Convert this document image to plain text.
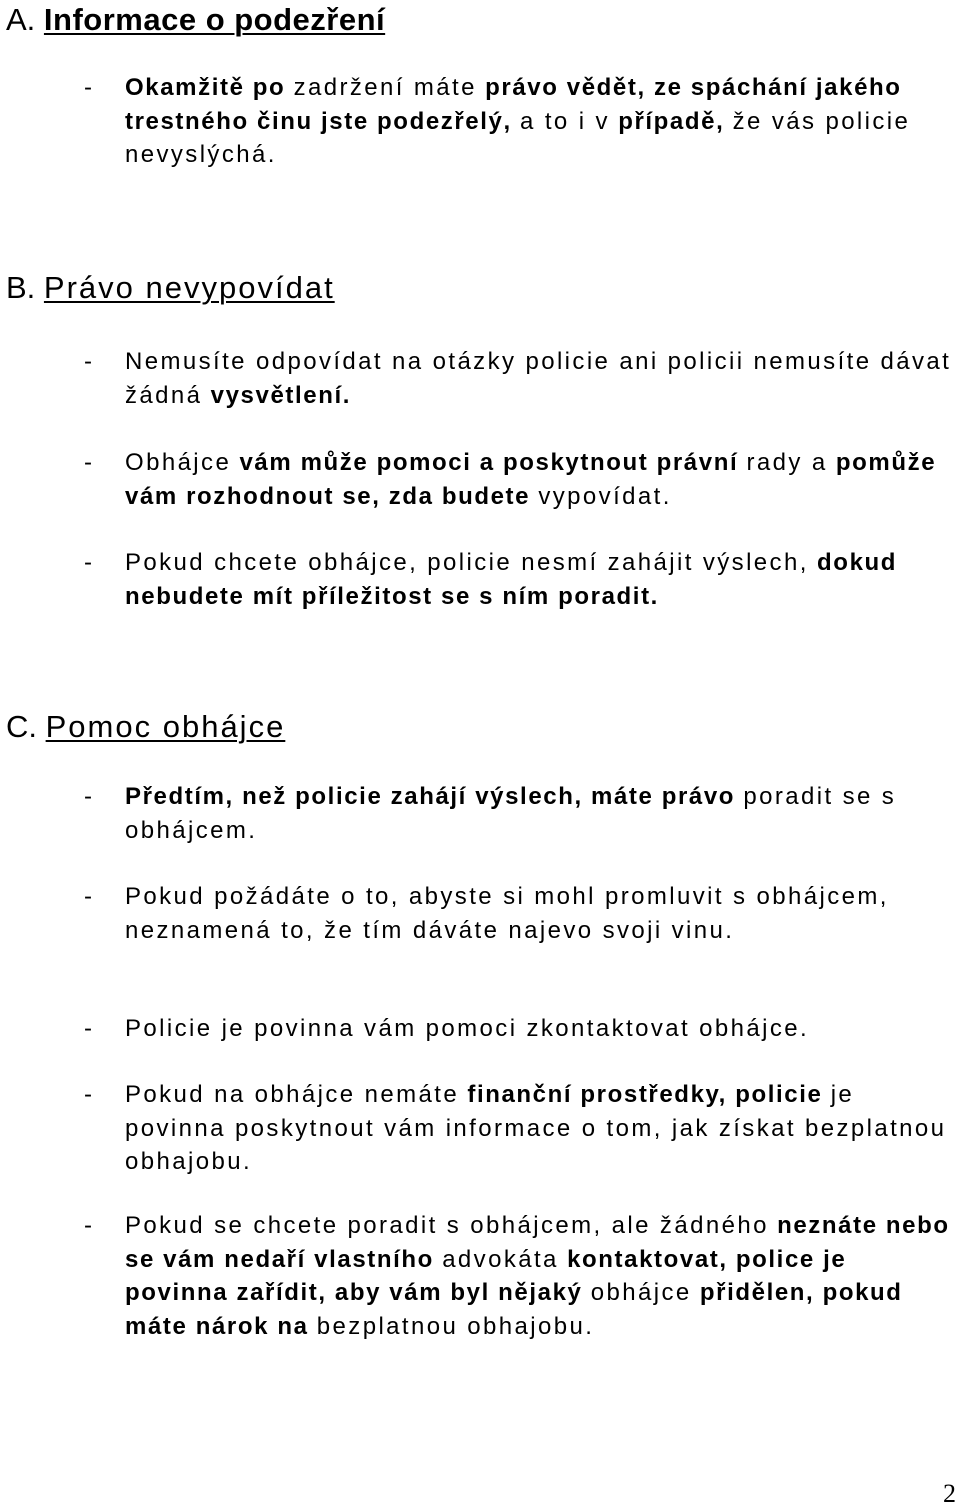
A. Informace o podezření
- Okamžitě po zadržení máte právo vědět, ze spáchání jakého trestného činu jste podezřelý, a to i v případě, že vás policie nevyslýchá.
B. Právo nevypovídat
- Nemusíte odpovídat na otázky policie ani policii nemusíte dávat žádná vysvětlení.
- Obhájce vám může pomoci a poskytnout právní rady a pomůže vám rozhodnout se, zda budete vypovídat.
- Pokud chcete obhájce, policie nesmí zahájit výslech, dokud nebudete mít příležitost se s ním poradit.
C. Pomoc obhájce
- Předtím, než policie zahájí výslech, máte právo poradit se s obhájcem.
- Pokud požádáte o to, abyste si mohl promluvit s obhájcem, neznamená to, že tím dáváte najevo svoji vinu.
- Policie je povinna vám pomoci zkontaktovat obhájce.
- Pokud na obhájce nemáte finanční prostředky, policie je povinna poskytnout vám informace o tom, jak získat bezplatnou obhajobu.
- Pokud se chcete poradit s obhájcem, ale žádného neznáte nebo se vám nedaří vlastního advokáta kontaktovat, police je povinna zařídit, aby vám byl nějaký obhájce přidělen, pokud máte nárok na bezplatnou obhajobu.
2
